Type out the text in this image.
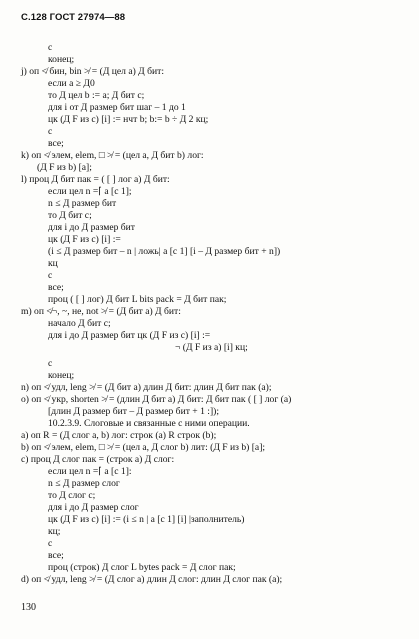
С.128 ГОСТ 27974—88
c
конец;
j) оп ≮ бин, bin ≯ = (Д цел а) Д бит:
если а ≥ Д0
то Д цел b := а; Д бит с;
для i от Д размер бит шаг – 1 до 1
цк (Д F из с) [i] := нчт b; b:= b ÷ Д 2 кц;
c
все;
k) оп ≮ элем, elem, □ ≯ = (цел а, Д бит b) лог:
(Д F из b) [а];
l) проц Д бит пак = ( [ ] лог а) Д бит:
если цел n =⌈ а [с 1];
n ≤ Д размер бит
то Д бит с;
для i до Д размер бит
цк (Д F из с) [i] :=
(i ≤ Д размер бит – n | ложь| а [с 1] [i – Д размер бит + n])
кц
c
все;
проц ( [ ] лог) Д бит L bits pack = Д бит пак;
m) оп ≮¬, ~, не, not ≯ = (Д бит а) Д бит:
начало Д бит с;
для i до Д размер бит цк (Д F из с) [i] :=
¬ (Д F из а) [i] кц;
c
конец;
n) оп ≮ удл, leng ≯ = (Д бит а) длин Д бит: длин Д бит пак (а);
o) оп ≮ укр, shorten ≯ = (длин Д бит а) Д бит: Д бит пак ( [ ] лог (а)
[длин Д размер бит – Д размер бит + 1 :]);
10.2.3.9. Слоговые и связанные с ними операции.
а) оп R = (Д слог а, b) лог: строк (а) R строк (b);
b) оп ≮ элем, elem, □ ≯ = (цел а, Д слог b) лит: (Д F из b) [а];
c) проц Д слог пак = (строк а) Д слог:
если цел n =⌈ а [с 1]:
n ≤ Д размер слог
то Д слог с;
для i до Д размер слог
цк (Д F из с) [i] := (i ≤ n | а [с 1] [i] |заполнитель)
кц;
c
все;
проц (строк) Д слог L bytes pack = Д слог пак;
d) оп ≮ удл, leng ≯ = (Д слог а) длин Д слог: длин Д слог пак (а);
130
